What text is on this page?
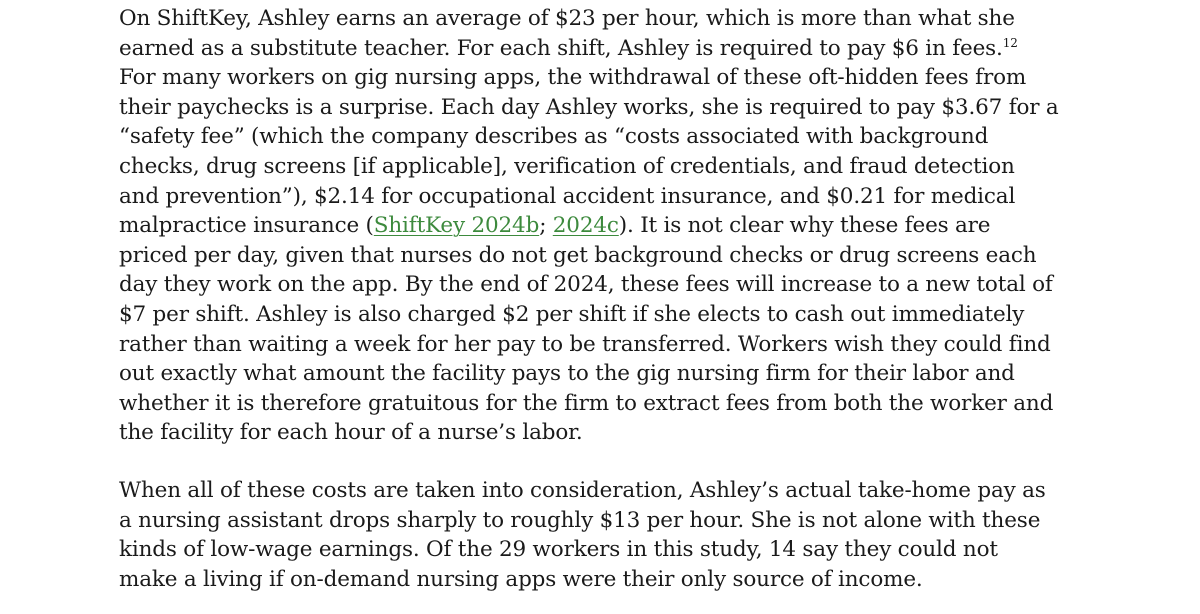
On ShiftKey, Ashley earns an average of $23 per hour, which is more than what she earned as a substitute teacher. For each shift, Ashley is required to pay $6 in fees.$^{12}$ For many workers on gig nursing apps, the withdrawal of these oft-hidden fees from their paychecks is a surprise. Each day Ashley works, she is required to pay $3.67 for a “safety fee” (which the company describes as “costs associated with background checks, drug screens [if applicable], verification of credentials, and fraud detection and prevention”), $2.14 for occupational accident insurance, and $0.21 for medical malpractice insurance (ShiftKey 2024b; 2024c). It is not clear why these fees are priced per day, given that nurses do not get background checks or drug screens each day they work on the app. By the end of 2024, these fees will increase to a new total of $7 per shift. Ashley is also charged $2 per shift if she elects to cash out immediately rather than waiting a week for her pay to be transferred. Workers wish they could find out exactly what amount the facility pays to the gig nursing firm for their labor and whether it is therefore gratuitous for the firm to extract fees from both the worker and the facility for each hour of a nurse’s labor.

When all of these costs are taken into consideration, Ashley’s actual take-home pay as a nursing assistant drops sharply to roughly $13 per hour. She is not alone with these kinds of low-wage earnings. Of the 29 workers in this study, 14 say they could not make a living if on-demand nursing apps were their only source of income.
